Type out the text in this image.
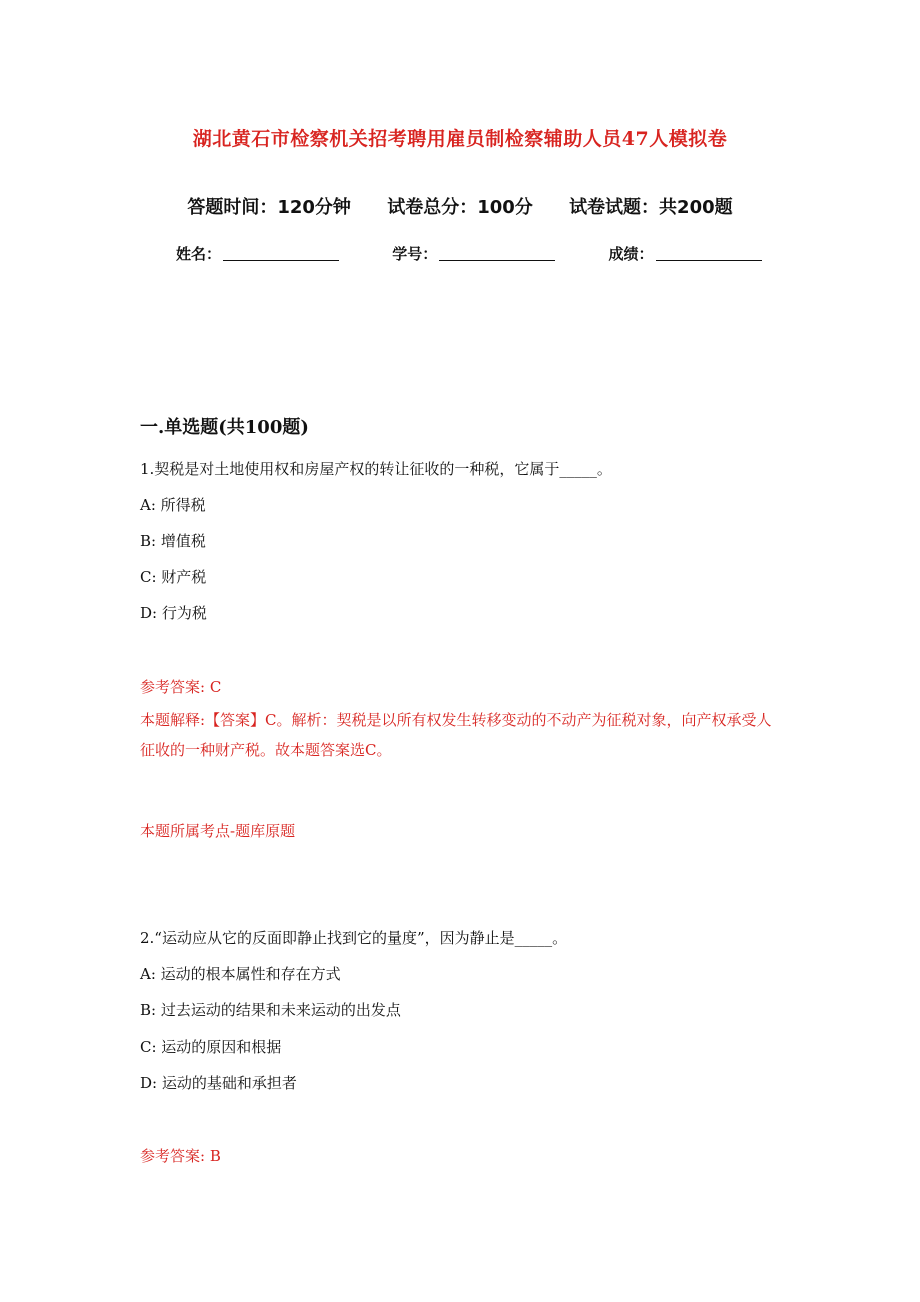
湖北黄石市检察机关招考聘用雇员制检察辅助人员47人模拟卷
答题时间：120分钟 试卷总分：100分 试卷试题：共200题
姓名：	学号：	成绩：
一.单选题(共100题)
1.契税是对土地使用权和房屋产权的转让征收的一种税，它属于_____。
A: 所得税
B: 增值税
C: 财产税
D: 行为税
参考答案: C
本题解释:【答案】C。解析：契税是以所有权发生转移变动的不动产为征税对象，向产权承受人征收的一种财产税。故本题答案选C。
本题所属考点-题库原题
2.“运动应从它的反面即静止找到它的量度”，因为静止是_____。
A: 运动的根本属性和存在方式
B: 过去运动的结果和未来运动的出发点
C: 运动的原因和根据
D: 运动的基础和承担者
参考答案: B
